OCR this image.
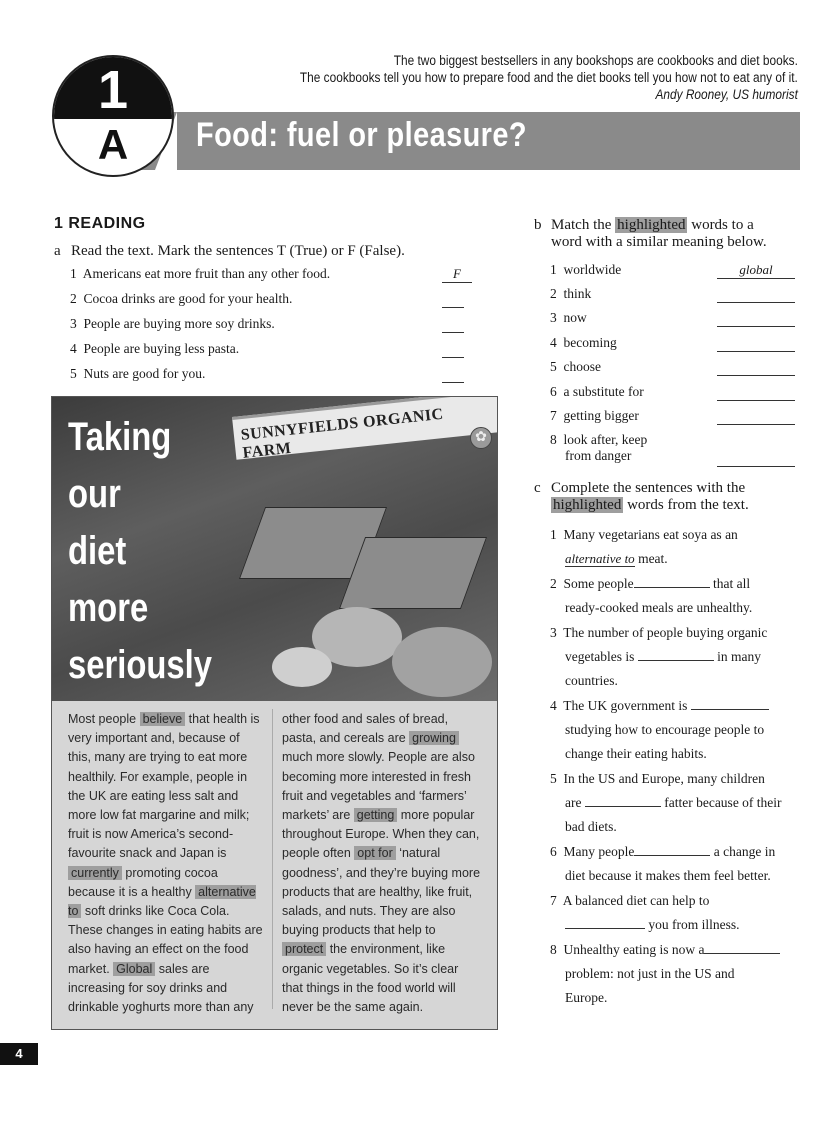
Food: fuel or pleasure?
The two biggest bestsellers in any bookshops are cookbooks and diet books.
The cookbooks tell you how to prepare food and the diet books tell you how not to eat any of it.
Andy Rooney, US humorist
1
A
1 READING
a Read the text. Mark the sentences T (True) or F (False).
1 Americans eat more fruit than any other food.	F
2 Cocoa drinks are good for your health.
3 People are buying more soy drinks.
4 People are buying less pasta.
5 Nuts are good for you.
SUNNYFIELDS ORGANIC FARM
✿
Taking
our
diet
more
seriously
Most people believe that health is very important and, because of this, many are trying to eat more healthily. For example, people in the UK are eating less salt and more low fat margarine and milk; fruit is now America’s second-favourite snack and Japan is currently promoting cocoa because it is a healthy alternative to soft drinks like Coca Cola. These changes in eating habits are also having an effect on the food market. Global sales are increasing for soy drinks and drinkable yoghurts more than any
other food and sales of bread, pasta, and cereals are growing much more slowly. People are also becoming more interested in fresh fruit and vegetables and ‘farmers’ markets’ are getting more popular throughout Europe. When they can, people often opt for ‘natural goodness’, and they’re buying more products that are healthy, like fruit, salads, and nuts. They are also buying products that help to protect the environment, like organic vegetables. So it’s clear that things in the food world will never be the same again.
b Match the highlighted words to a
word with a similar meaning below.
1 worldwide	global
2 think
3 now
4 becoming
5 choose
6 a substitute for
7 getting bigger
8 look after, keep
from danger
c Complete the sentences with the
highlighted words from the text.
1 Many vegetarians eat soya as an
alternative to meat.
2 Some people	that all
ready-cooked meals are unhealthy.
3 The number of people buying organic
vegetables is	in many
countries.
4 The UK government is
studying how to encourage people to
change their eating habits.
5 In the US and Europe, many children
are	fatter because of their
bad diets.
6 Many people	a change in
diet because it makes them feel better.
7 A balanced diet can help to
you from illness.
8 Unhealthy eating is now a
problem: not just in the US and
Europe.
4
